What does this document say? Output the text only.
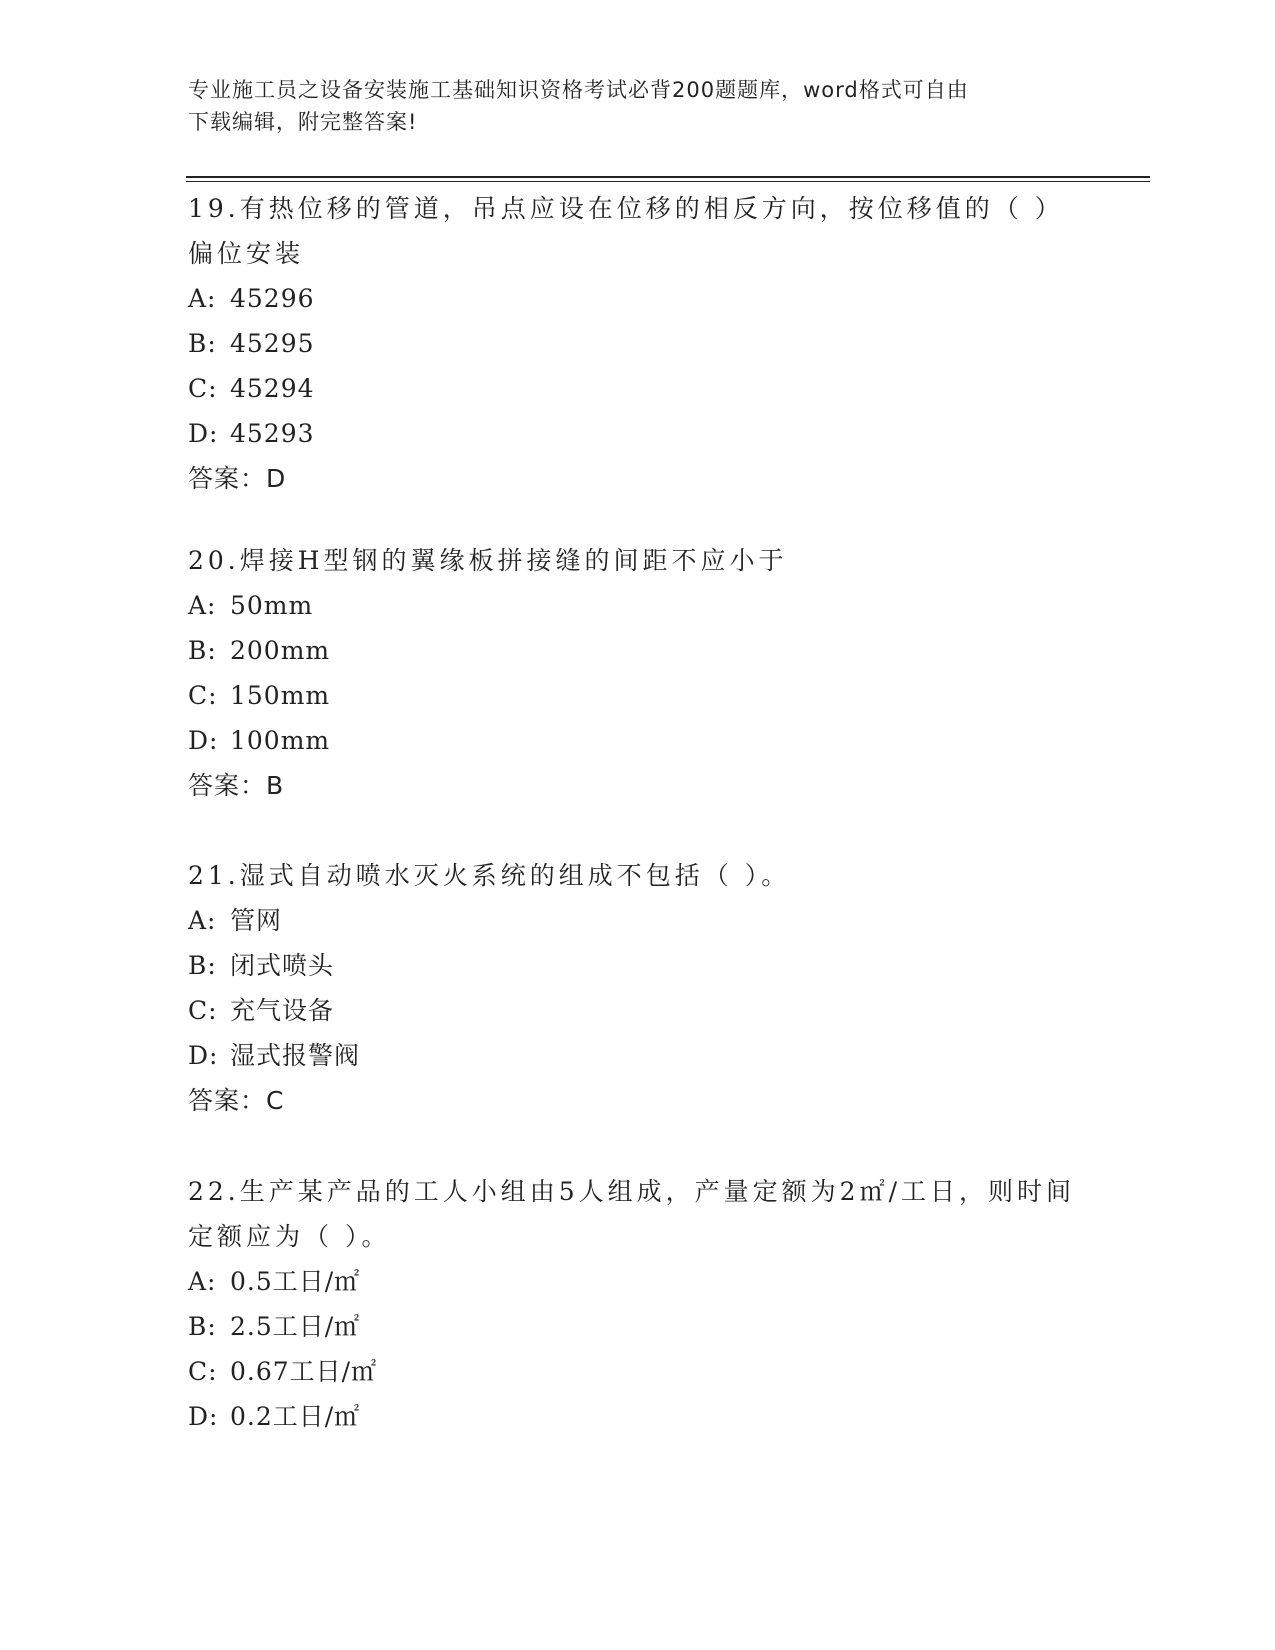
专业施工员之设备安装施工基础知识资格考试必背200题题库，word格式可自由
下载编辑，附完整答案!

19.有热位移的管道，吊点应设在位移的相反方向，按位移值的（ ）

偏位安装

A: 45296

B: 45295

C: 45294

D: 45293

答案：D

20.焊接H型钢的翼缘板拼接缝的间距不应小于

A: 50mm

B: 200mm

C: 150mm

D: 100mm

答案：B

21.湿式自动喷水灭火系统的组成不包括（ ）。

A: 管网

B: 闭式喷头

C: 充气设备

D: 湿式报警阀

答案：C

22.生产某产品的工人小组由5人组成，产量定额为2㎡/工日，则时间

定额应为（ ）。

A: 0.5工日/㎡

B: 2.5工日/㎡

C: 0.67工日/㎡

D: 0.2工日/㎡
